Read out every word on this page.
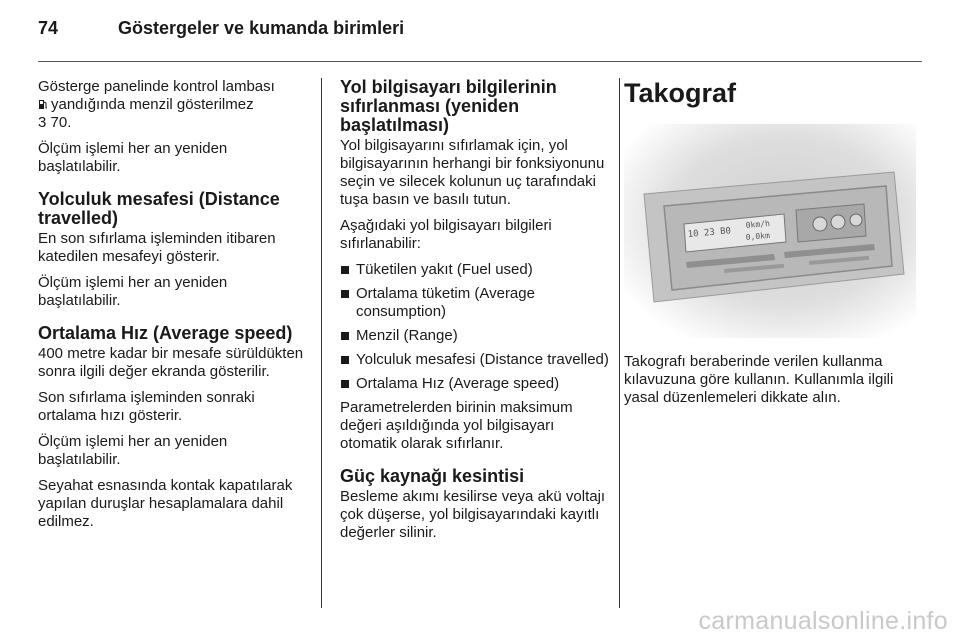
74	Göstergeler ve kumanda birimleri

Gösterge panelinde kontrol lambası
yandığında menzil gösterilmez
3 70.

Ölçüm işlemi her an yeniden başlatılabilir.

Yolculuk mesafesi (Distance travelled)

En son sıfırlama işleminden itibaren katedilen mesafeyi gösterir.

Ölçüm işlemi her an yeniden başlatılabilir.

Ortalama Hız (Average speed)

400 metre kadar bir mesafe sürüldükten sonra ilgili değer ekranda gösterilir.

Son sıfırlama işleminden sonraki ortalama hızı gösterir.

Ölçüm işlemi her an yeniden başlatılabilir.

Seyahat esnasında kontak kapatılarak yapılan duruşlar hesaplamalara dahil edilmez.

Yol bilgisayarı bilgilerinin sıfırlanması (yeniden başlatılması)

Yol bilgisayarını sıfırlamak için, yol bilgisayarının herhangi bir fonksiyonunu seçin ve silecek kolunun uç tarafındaki tuşa basın ve basılı tutun.

Aşağıdaki yol bilgisayarı bilgileri sıfırlanabilir:

Tüketilen yakıt (Fuel used)
Ortalama tüketim (Average consumption)
Menzil (Range)
Yolculuk mesafesi (Distance travelled)
Ortalama Hız (Average speed)

Parametrelerden birinin maksimum değeri aşıldığında yol bilgisayarı otomatik olarak sıfırlanır.

Güç kaynağı kesintisi

Besleme akımı kesilirse veya akü voltajı çok düşerse, yol bilgisayarındaki kayıtlı değerler silinir.

Takograf
10 23 B0
0km/h
0,0km

Takografı beraberinde verilen kullanma kılavuzuna göre kullanın. Kullanımla ilgili yasal düzenlemeleri dikkate alın.

carmanualsonline.info
